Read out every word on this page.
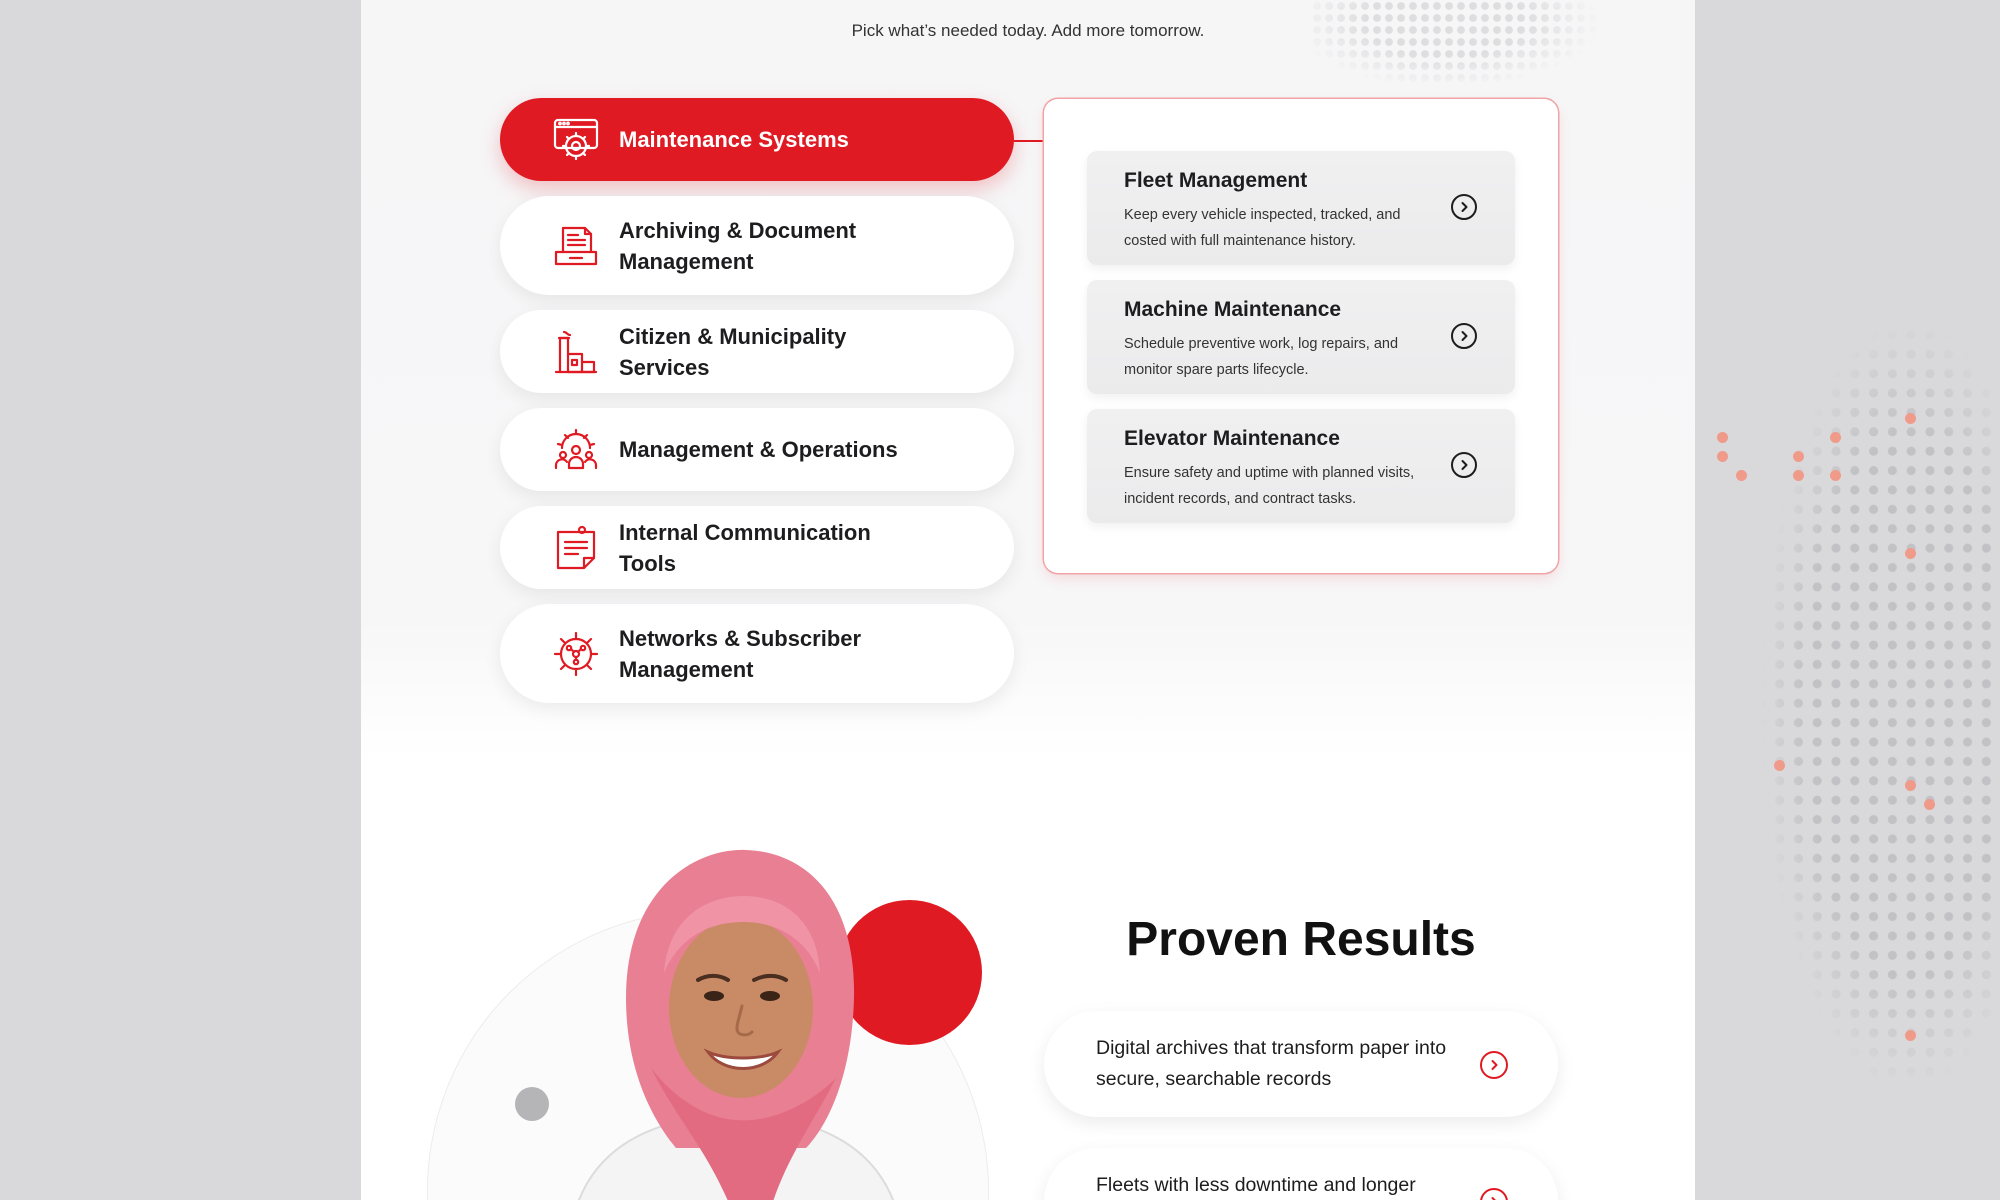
Pick what’s needed today. Add more tomorrow.
Maintenance Systems
Archiving & Document Management
Citizen & Municipality Services
Management & Operations
Internal Communication Tools
Networks & Subscriber Management
Fleet Management
Keep every vehicle inspected, tracked, and costed with full maintenance history.
Machine Maintenance
Schedule preventive work, log repairs, and monitor spare parts lifecycle.
Elevator Maintenance
Ensure safety and uptime with planned visits, incident records, and contract tasks.
Proven Results
Digital archives that transform paper into secure, searchable records
Fleets with less downtime and longer
